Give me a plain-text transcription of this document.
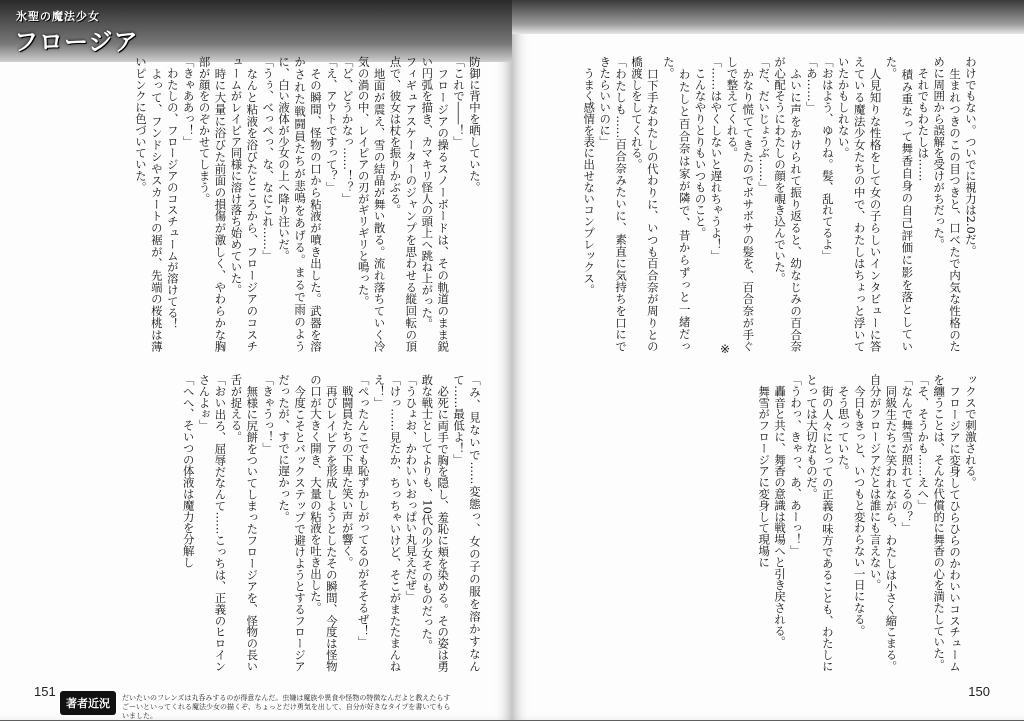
氷聖の魔法少女
フロージア
防御に背中を晒していた。
「これで――！」
　フロージアの操るスノーボードは、その軌道のまま鋭い円弧を描き、カマキリ怪人の頭上へ跳ね上がった。
フィギュアスケーターのジャンプを思わせる縦回転の頂点で、彼女は杖を振りかぶる。
　地面が震え、雪の結晶が舞い散る。流れ落ちていく冷気の渦の中、レイピアの刃がギリギリと鳴った。
「ど、どうかなっ……！？」
「え、アウトですって？」
　その瞬間、怪物の口から粘液が噴き出した。武器を溶かされた戦闘員たちが悲鳴をあげる。まるで雨のように、白い液体が少女の上へ降り注いだ。
「うぅ、べっぺっ、な、なにこれ……」
　なんと粘液を浴びたところから、フロージアのコスチュームがレイピア同様に溶け落ち始めていた。
　時に大量に浴びた前面の損傷が激しく、やわらかな胸部が顔をのぞかせてしまう。
「きゃああっ！」
　わたしの、フロージアのコスチュームが溶けてる！
　よって、フンドシやスカートの裾が、先端の桜桃は薄いピンクに色づいていた。
「み、見ないで……変態っ、女の子の服を溶かすなんて……最低よ！」
　必死に両手で胸を隠し、羞恥に頬を染める。その姿は勇敢な戦士としてよりも、10代の少女そのものだった。
「うひょお、かわいいおっぱい丸見えだぜ」
「けっ……見たか、ちっちゃいけど、そこがまたたまんねえ！」
「ぺったんこでも恥ずかしがってるのがそそるぜ！」
　戦闘員たちの下卑た笑い声が響く。
　再びレイピアを形成しようとしたその瞬間、今度は怪物の口が大きく開き、大量の粘液を吐き出した。
　今度こそとバックステップで避けようとするフロージアだったが、すでに遅かった。
「きゃうっ！」
　無様に尻餅をついてしまったフロージアを、怪物の長い舌が捉える。
「おい出ろ、屈辱だなんて……こっちは、正義のヒロインさんよぉ」
「へへ、そいつの体液は魔力を分解し
151
わけでもない。ついでに視力は2.0だ。
　生まれつきのこの目つきと、口べたで内気な性格のために周囲から誤解を受けがちだった。
　それでもわたしは……
　積み重なって舞香自身の自己評価に影を落としていた。
　人見知りな性格をして女の子らしいインタビューに答えている魔法少女たちの中で、わたしはちょっと浮いていたかもしれない。
「おはよう、ゆりね。髪、乱れてるよ」
「あ……」
　ふいに声をかけられて振り返ると、幼なじみの百合奈が心配そうにわたしの顔を覗き込んでいた。
「だ、だいじょうぶ……」
　かなり慌ててきたのでボサボサの髪を、百合奈が手ぐしで整えてくれる。
「……はやくしないと遅れちゃうよ！」
　こんなやりとりもいつものこと。
　わたしと百合奈は家が隣で、昔からずっと一緒だった。
　口下手なわたしの代わりに、いつも百合奈が周りとの橋渡しをしてくれる。
「わたしも……百合奈みたいに、素直に気持ちを口にできたらいいのに」
　うまく感情を表に出せないコンプレックス。
※
ックスで刺激される。
　フロージアに変身してひらひらのかわいいコスチュームを纏うことは、そんな代償的に舞香の心を満たしていた。
「そ、そうかも……えへ」
「なんで舞雪が照れてるの？」
　同級生たちに笑われながら、わたしは小さく縮こまる。自分がフロージアだとは誰にも言えない。
　今日もきっと、いつもと変わらない一日になる。
　そう思っていた。
　街の人々にとっての正義の味方であることも、わたしにとっては大切なものだ。
「うわっ、きゃっ、あ、あーっ！」
　轟音と共に、舞香の意識は戦場へと引き戻される。
　舞雪がフロージアに変身して現場に
150
著者近況	だいたいのフレンズは丸呑みするのが得意なんだ。虫嫌は魔族や異食や怪物の特徴なんだよと教えたらすごーいといってくれる魔法少女の描くぞ、ちょっとだけ勇気を出して、自分が好きなタイプを書いてもらいました。
